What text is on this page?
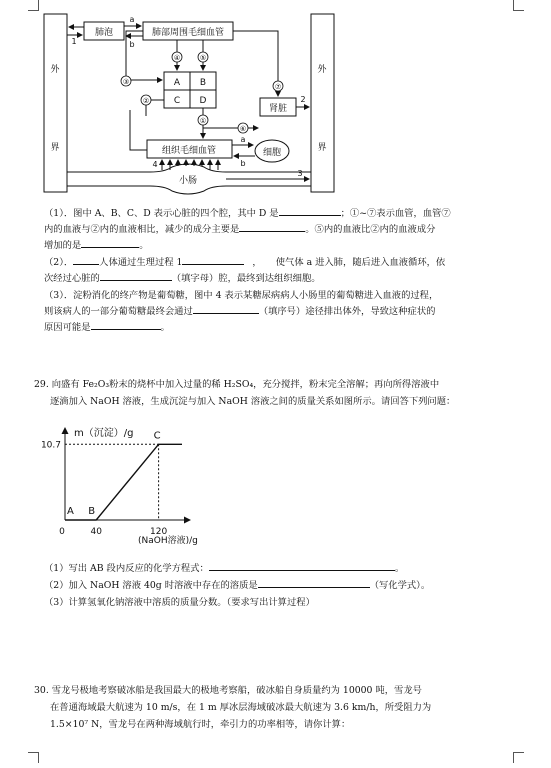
③
②
④	⑤
①
⑥
⑦
肺泡	肺部周围毛细血管
A B
C D
肾脏
组织毛细血管	细胞
小肠
外
界
外
界
a
b
1
2
a
b
3
4
（1）．图中 A、B、C、D 表示心脏的四个腔，其中 D 是	；①~⑦表示血管，血管⑦
内的血液与②内的血液相比，减少的成分主要是	。⑤内的血液比②内的血液成分
增加的是	。
（2）．	人体通过生理过程 1	， 使气体 a 进入肺，随后进入血液循环，依
次经过心脏的	（填字母）腔，最终到达组织细胞。
（3）．淀粉消化的终产物是葡萄糖，图中 4 表示某糖尿病病人小肠里的葡萄糖进入血液的过程，
则该病人的一部分葡萄糖最终会通过	（填序号）途径排出体外，导致这种症状的
原因可能是	。
29. 向盛有 Fe₂O₃粉末的烧杯中加入过量的稀 H₂SO₄，充分搅拌，粉末完全溶解；再向所得溶液中
逐滴加入 NaOH 溶液，生成沉淀与加入 NaOH 溶液之间的质量关系如图所示。请回答下列问题：
m（沉淀）/g
(NaOH溶液)/g
10.7
0	40	120
A B
C
（1）写出 AB 段内反应的化学方程式：	。
（2）加入 NaOH 溶液 40g 时溶液中存在的溶质是	（写化学式）。
（3）计算氢氧化钠溶液中溶质的质量分数。（要求写出计算过程）
30. 雪龙号极地考察破冰船是我国最大的极地考察船，破冰船自身质量约为 10000 吨，雪龙号
在普通海域最大航速为 10 m/s，在 1 m 厚冰层海域破冰最大航速为 3.6 km/h，所受阻力为
1.5×10⁷ N，雪龙号在两种海域航行时，牵引力的功率相等，请你计算：
